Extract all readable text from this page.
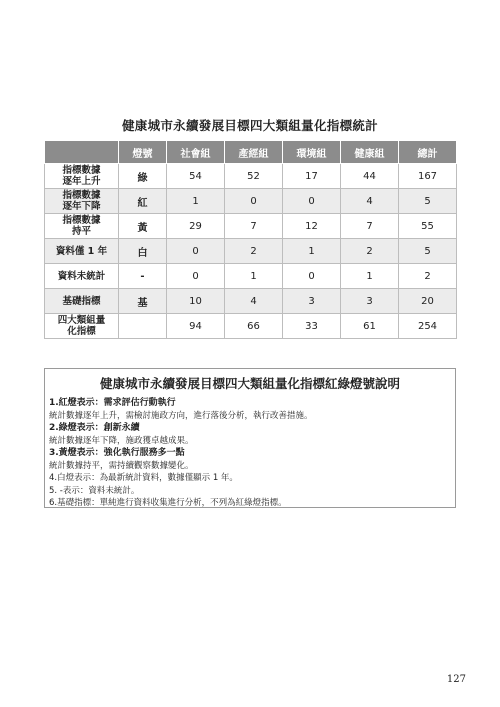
健康城市永續發展目標四大類組量化指標統計
	燈號	社會組	產經組	環境組	健康組	總計
指標數據
逐年上升	綠	54	52	17	44	167
指標數據
逐年下降	紅	1	0	0	4	5
指標數據
持平	黃	29	7	12	7	55
資料僅 1 年	白	0	2	1	2	5
資料未統計	-	0	1	0	1	2
基礎指標	基	10	4	3	3	20
四大類組量
化指標		94	66	33	61	254
健康城市永續發展目標四大類組量化指標紅綠燈號說明
1.紅燈表示：需求評估行動執行
統計數據逐年上升，需檢討施政方向，進行落後分析，執行改善措施。
2.綠燈表示：創新永續
統計數據逐年下降，施政獲卓越成果。
3.黃燈表示：強化執行服務多一點
統計數據持平，需持續觀察數據變化。
4.白燈表示：為最新統計資料，數據僅顯示 1 年。
5. -表示：資料未統計。
6.基礎指標：單純進行資料收集進行分析，不列為紅綠燈指標。
127
